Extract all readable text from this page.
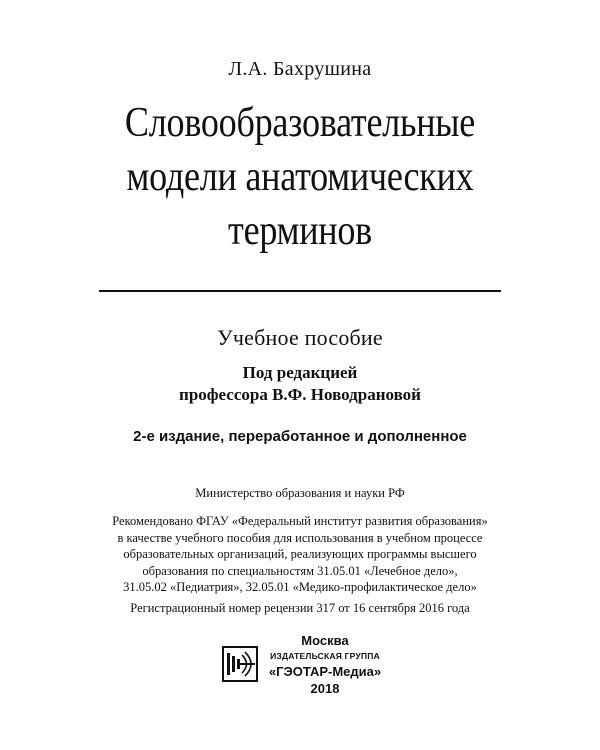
Л.А. Бахрушина
Словообразовательные
модели анатомических
терминов
Учебное пособие
Под редакцией
профессора В.Ф. Новодрановой
2-е издание, переработанное и дополненное
Министерство образования и науки РФ
Рекомендовано ФГАУ «Федеральный институт развития образования»
в качестве учебного пособия для использования в учебном процессе
образовательных организаций, реализующих программы высшего
образования по специальностям 31.05.01 «Лечебное дело»,
31.05.02 «Педиатрия», 32.05.01 «Медико-профилактическое дело»
Регистрационный номер рецензии 317 от 16 сентября 2016 года
Москва
ИЗДАТЕЛЬСКАЯ ГРУППА
«ГЭОТАР-Медиа»
2018
